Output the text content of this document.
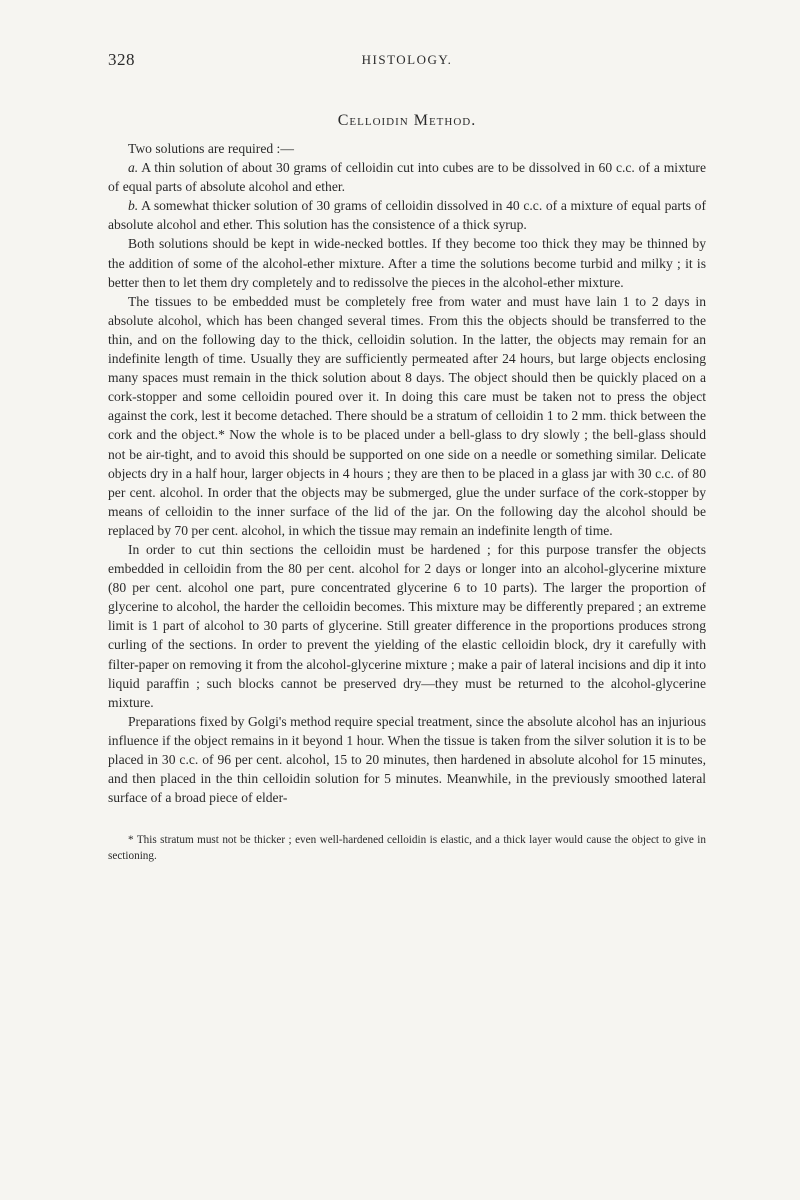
328	HISTOLOGY.
Celloidin Method.

Two solutions are required :—

a. A thin solution of about 30 grams of celloidin cut into cubes are to be dissolved in 60 c.c. of a mixture of equal parts of absolute alcohol and ether.

b. A somewhat thicker solution of 30 grams of celloidin dissolved in 40 c.c. of a mixture of equal parts of absolute alcohol and ether. This solution has the consistence of a thick syrup.

Both solutions should be kept in wide-necked bottles. If they become too thick they may be thinned by the addition of some of the alcohol-ether mixture. After a time the solutions become turbid and milky ; it is better then to let them dry completely and to redissolve the pieces in the alcohol-ether mixture.

The tissues to be embedded must be completely free from water and must have lain 1 to 2 days in absolute alcohol, which has been changed several times. From this the objects should be transferred to the thin, and on the following day to the thick, celloidin solution. In the latter, the objects may remain for an indefinite length of time. Usually they are sufficiently permeated after 24 hours, but large objects enclosing many spaces must remain in the thick solution about 8 days. The object should then be quickly placed on a cork-stopper and some celloidin poured over it. In doing this care must be taken not to press the object against the cork, lest it become detached. There should be a stratum of celloidin 1 to 2 mm. thick between the cork and the object.* Now the whole is to be placed under a bell-glass to dry slowly ; the bell-glass should not be air-tight, and to avoid this should be supported on one side on a needle or something similar. Delicate objects dry in a half hour, larger objects in 4 hours ; they are then to be placed in a glass jar with 30 c.c. of 80 per cent. alcohol. In order that the objects may be submerged, glue the under surface of the cork-stopper by means of celloidin to the inner surface of the lid of the jar. On the following day the alcohol should be replaced by 70 per cent. alcohol, in which the tissue may remain an indefinite length of time.

In order to cut thin sections the celloidin must be hardened ; for this purpose transfer the objects embedded in celloidin from the 80 per cent. alcohol for 2 days or longer into an alcohol-glycerine mixture (80 per cent. alcohol one part, pure concentrated glycerine 6 to 10 parts). The larger the proportion of glycerine to alcohol, the harder the celloidin becomes. This mixture may be differently prepared ; an extreme limit is 1 part of alcohol to 30 parts of glycerine. Still greater difference in the proportions produces strong curling of the sections. In order to prevent the yielding of the elastic celloidin block, dry it carefully with filter-paper on removing it from the alcohol-glycerine mixture ; make a pair of lateral incisions and dip it into liquid paraffin ; such blocks cannot be preserved dry—they must be returned to the alcohol-glycerine mixture.

Preparations fixed by Golgi's method require special treatment, since the absolute alcohol has an injurious influence if the object remains in it beyond 1 hour. When the tissue is taken from the silver solution it is to be placed in 30 c.c. of 96 per cent. alcohol, 15 to 20 minutes, then hardened in absolute alcohol for 15 minutes, and then placed in the thin celloidin solution for 5 minutes. Meanwhile, in the previously smoothed lateral surface of a broad piece of elder-

* This stratum must not be thicker ; even well-hardened celloidin is elastic, and a thick layer would cause the object to give in sectioning.
